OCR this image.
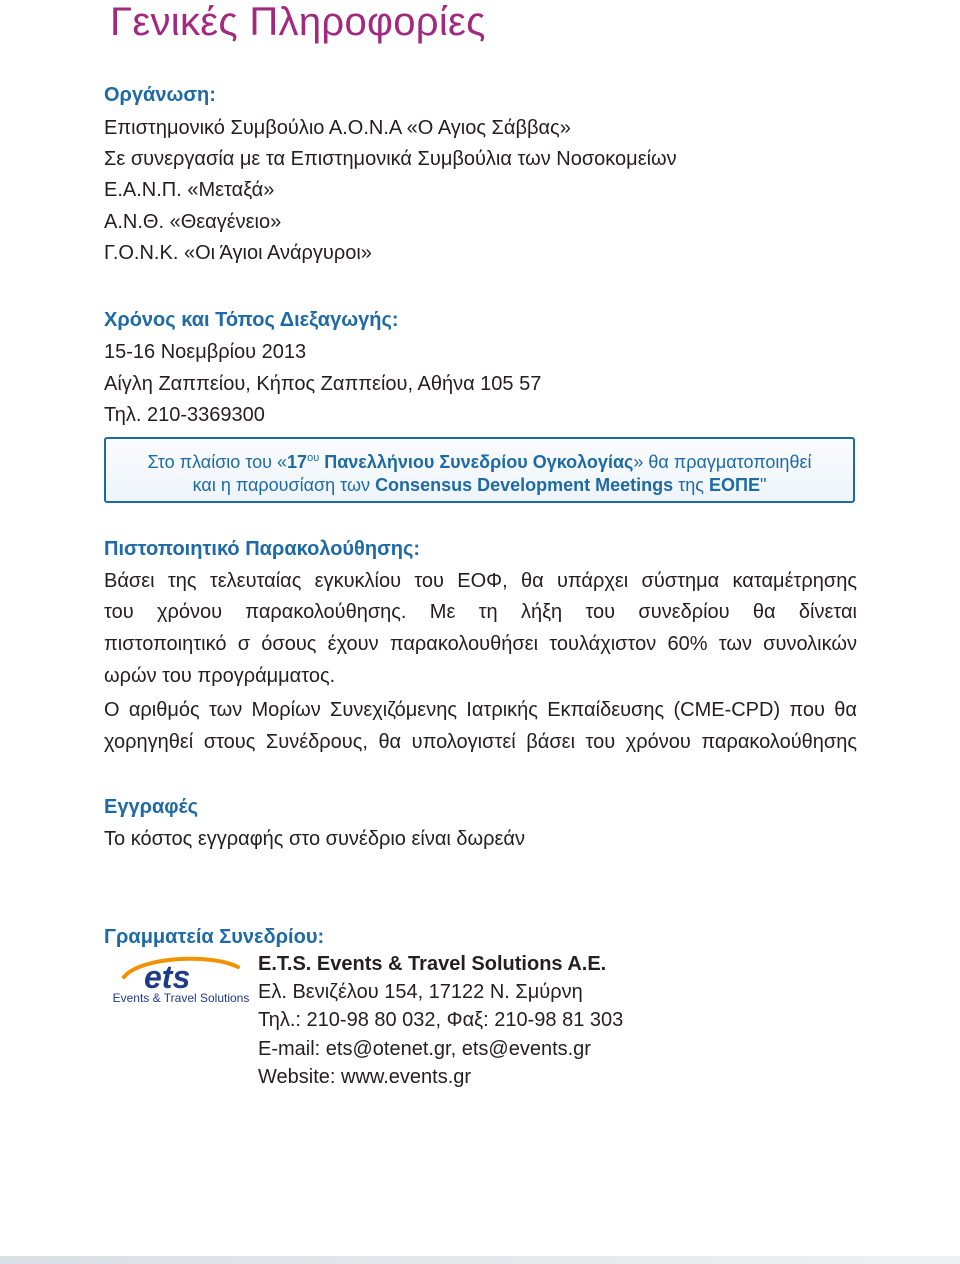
Γενικές Πληροφορίες
Οργάνωση:
Επιστημονικό Συμβούλιο Α.Ο.Ν.Α «Ο Αγιος Σάββας»
Σε συνεργασία με τα Επιστημονικά Συμβούλια των Νοσοκομείων
Ε.Α.Ν.Π. «Μεταξά»
Α.Ν.Θ. «Θεαγένειο»
Γ.Ο.Ν.Κ. «Οι Άγιοι Ανάργυροι»
Χρόνος και Τόπος Διεξαγωγής:
15-16 Νοεμβρίου 2013
Αίγλη Ζαππείου, Κήπος Ζαππείου, Αθήνα 105 57
Τηλ. 210-3369300
Στο πλαίσιο του «$17^{o\upsilon}$ Πανελλήνιου Συνεδρίου Ογκολογίας» θα πραγματοποιηθεί
και η παρουσίαση των Consensus Development Meetings της ΕΟΠΕ"
Πιστοποιητικό Παρακολούθησης:
Βάσει της τελευταίας εγκυκλίου του ΕΟΦ, θα υπάρχει σύστημα καταμέτρησης
του χρόνου παρακολούθησης. Με τη λήξη του συνεδρίου θα δίνεται
πιστοποιητικό σ όσους έχουν παρακολουθήσει τουλάχιστον 60% των συνολικών
ωρών του προγράμματος.
Ο αριθμός των Μορίων Συνεχιζόμενης Ιατρικής Εκπαίδευσης (CME-CPD) που θα
χορηγηθεί στους Συνέδρους, θα υπολογιστεί βάσει του χρόνου παρακολούθησης
Εγγραφές
Το κόστος εγγραφής στο συνέδριο είναι δωρεάν
Γραμματεία Συνεδρίου:
ets
Events & Travel Solutions
E.T.S. Events & Travel Solutions A.E.
Ελ. Βενιζέλου 154, 17122 Ν. Σμύρνη
Τηλ.: 210-98 80 032, Φαξ: 210-98 81 303
E-mail: ets@otenet.gr, ets@events.gr
Website: www.events.gr
